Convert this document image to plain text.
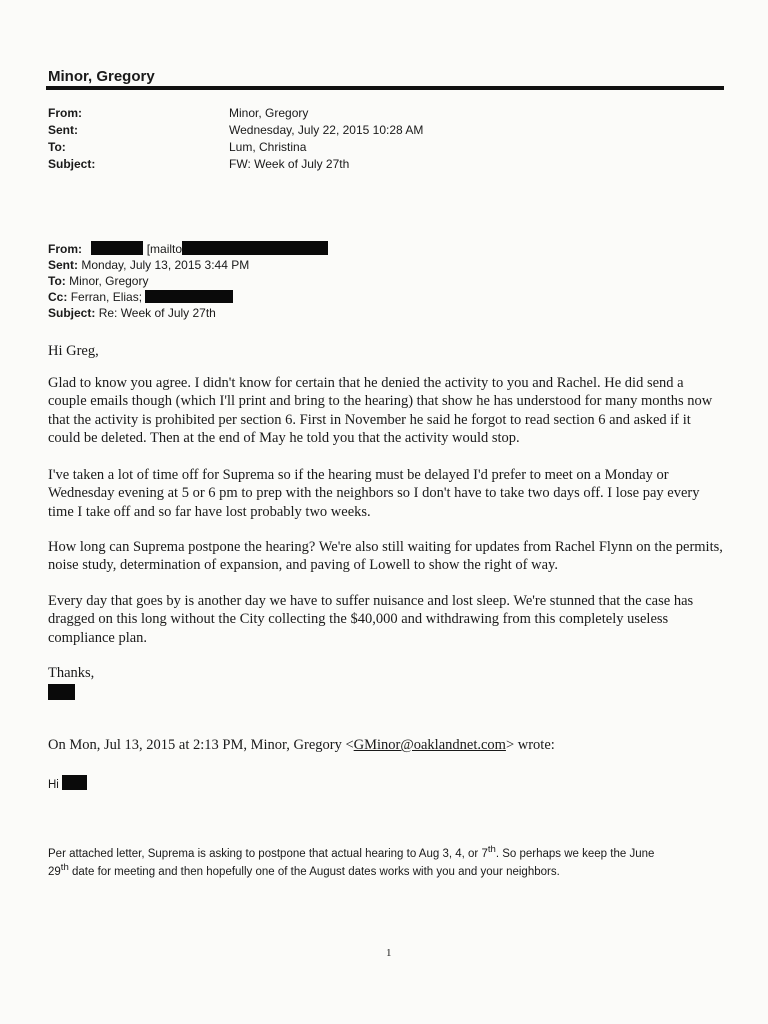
Minor, Gregory
From:	Minor, Gregory
Sent:	Wednesday, July 22, 2015 10:28 AM
To:	Lum, Christina
Subject:	FW: Week of July 27th
From:	[mailto
Sent: Monday, July 13, 2015 3:44 PM
To: Minor, Gregory
Cc: Ferran, Elias;
Subject: Re: Week of July 27th

Hi Greg,

Glad to know you agree. I didn't know for certain that he denied the activity to you and Rachel. He did send a couple emails though (which I'll print and bring to the hearing) that show he has understood for many months now that the activity is prohibited per section 6. First in November he said he forgot to read section 6 and asked if it could be deleted. Then at the end of May he told you that the activity would stop.

I've taken a lot of time off for Suprema so if the hearing must be delayed I'd prefer to meet on a Monday or Wednesday evening at 5 or 6 pm to prep with the neighbors so I don't have to take two days off. I lose pay every time I take off and so far have lost probably two weeks.

How long can Suprema postpone the hearing? We're also still waiting for updates from Rachel Flynn on the permits, noise study, determination of expansion, and paving of Lowell to show the right of way.

Every day that goes by is another day we have to suffer nuisance and lost sleep. We're stunned that the case has dragged on this long without the City collecting the $40,000 and withdrawing from this completely useless compliance plan.

Thanks,

On Mon, Jul 13, 2015 at 2:13 PM, Minor, Gregory <GMinor@oaklandnet.com> wrote:

Hi
Per attached letter, Suprema is asking to postpone that actual hearing to Aug 3, 4, or 7th. So perhaps we keep the June
29th date for meeting and then hopefully one of the August dates works with you and your neighbors.
1
